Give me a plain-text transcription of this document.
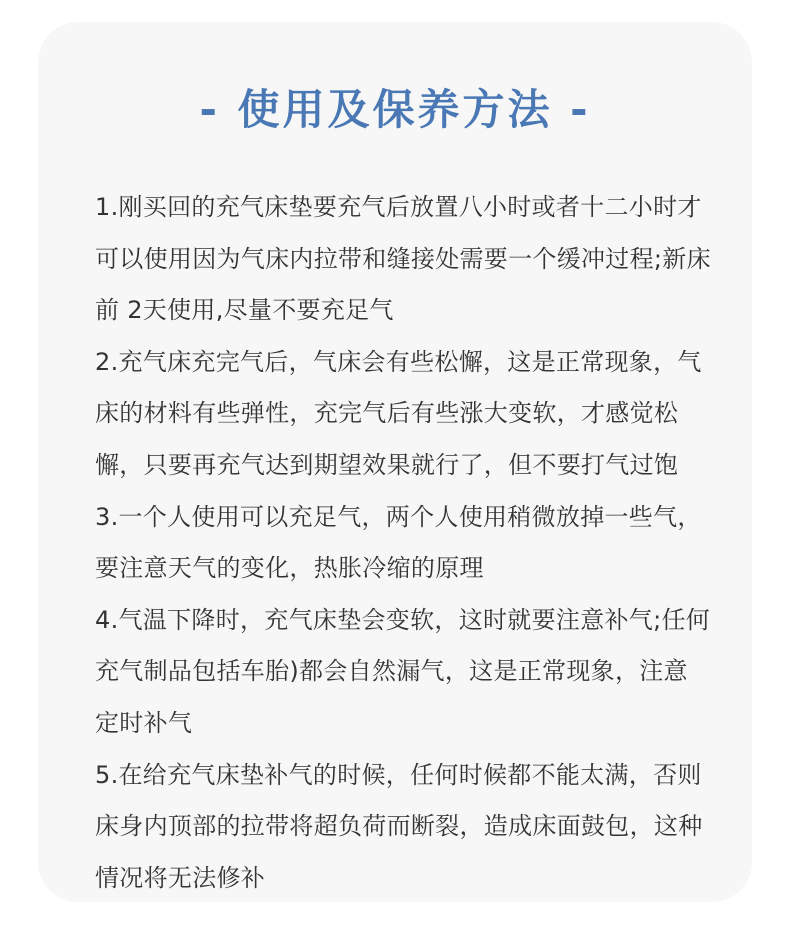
- 使用及保养方法 -

1.刚买回的充气床垫要充气后放置八小时或者十二小时才可以使用因为气床内拉带和缝接处需要一个缓冲过程;新床前 2天使用,尽量不要充足气

2.充气床充完气后，气床会有些松懈，这是正常现象，气床的材料有些弹性，充完气后有些涨大变软，才感觉松懈，只要再充气达到期望效果就行了，但不要打气过饱

3.一个人使用可以充足气，两个人使用稍微放掉一些气，要注意天气的变化，热胀冷缩的原理

4.气温下降时，充气床垫会变软，这时就要注意补气;任何充气制品包括车胎)都会自然漏气，这是正常现象，注意定时补气

5.在给充气床垫补气的时候，任何时候都不能太满，否则床身内顶部的拉带将超负荷而断裂，造成床面鼓包，这种情况将无法修补
